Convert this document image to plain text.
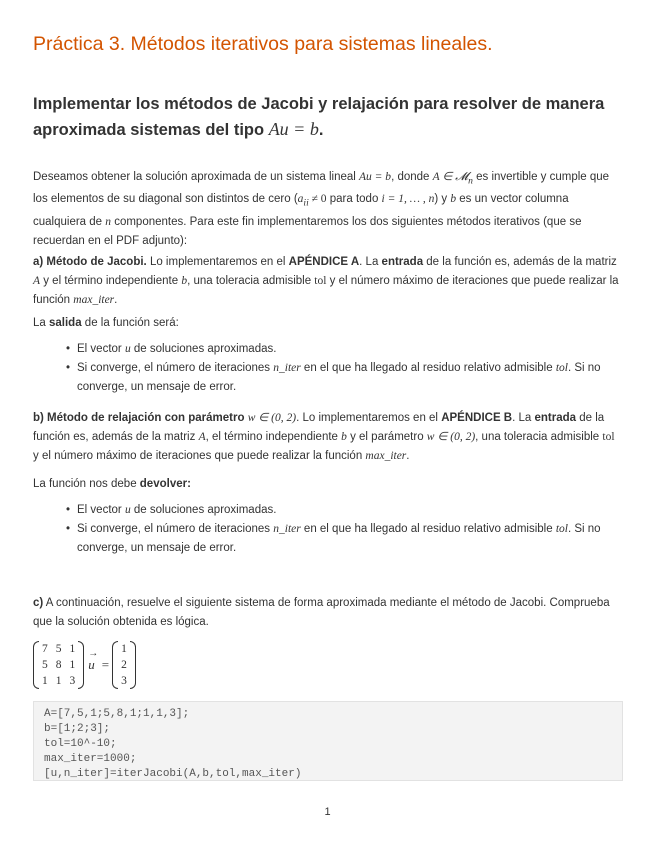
Práctica 3. Métodos iterativos para sistemas lineales.
Implementar los métodos de Jacobi y relajación para resolver de manera aproximada sistemas del tipo Au = b.

Deseamos obtener la solución aproximada de un sistema lineal Au = b, donde A ∈ 𝓜$_n$ es invertible y cumple que los elementos de su diagonal son distintos de cero ($a_{ii} \ne 0$ para todo i = 1, … , n) y b es un vector columna cualquiera de n componentes. Para este fin implementaremos los dos siguientes métodos iterativos (que se recuerdan en el PDF adjunto):

a) Método de Jacobi. Lo implementaremos en el APÉNDICE A. La entrada de la función es, además de la matriz A y el término independiente b, una toleracia admisible tol y el número máximo de iteraciones que puede realizar la función max_iter.

La salida de la función será:

• El vector u de soluciones aproximadas.
• Si converge, el número de iteraciones n_iter en el que ha llegado al residuo relativo admisible tol. Si no converge, un mensaje de error.

b) Método de relajación con parámetro w ∈ (0, 2). Lo implementaremos en el APÉNDICE B. La entrada de la función es, además de la matriz A, el término independiente b y el parámetro w ∈ (0, 2), una toleracia admisible tol y el número máximo de iteraciones que puede realizar la función max_iter.

La función nos debe devolver:

• El vector u de soluciones aproximadas.
• Si converge, el número de iteraciones n_iter en el que ha llegado al residuo relativo admisible tol. Si no converge, un mensaje de error.

c) A continuación, resuelve el siguiente sistema de forma aproximada mediante el método de Jacobi. Comprueba que la solución obtenida es lógica.

7	5	1
5	8	1
1	1	3
→
u =
1
2
3
A=[7,5,1;5,8,1;1,1,3];
b=[1;2;3];
tol=10^-10;
max_iter=1000;
[u,n_iter]=iterJacobi(A,b,tol,max_iter)
1
